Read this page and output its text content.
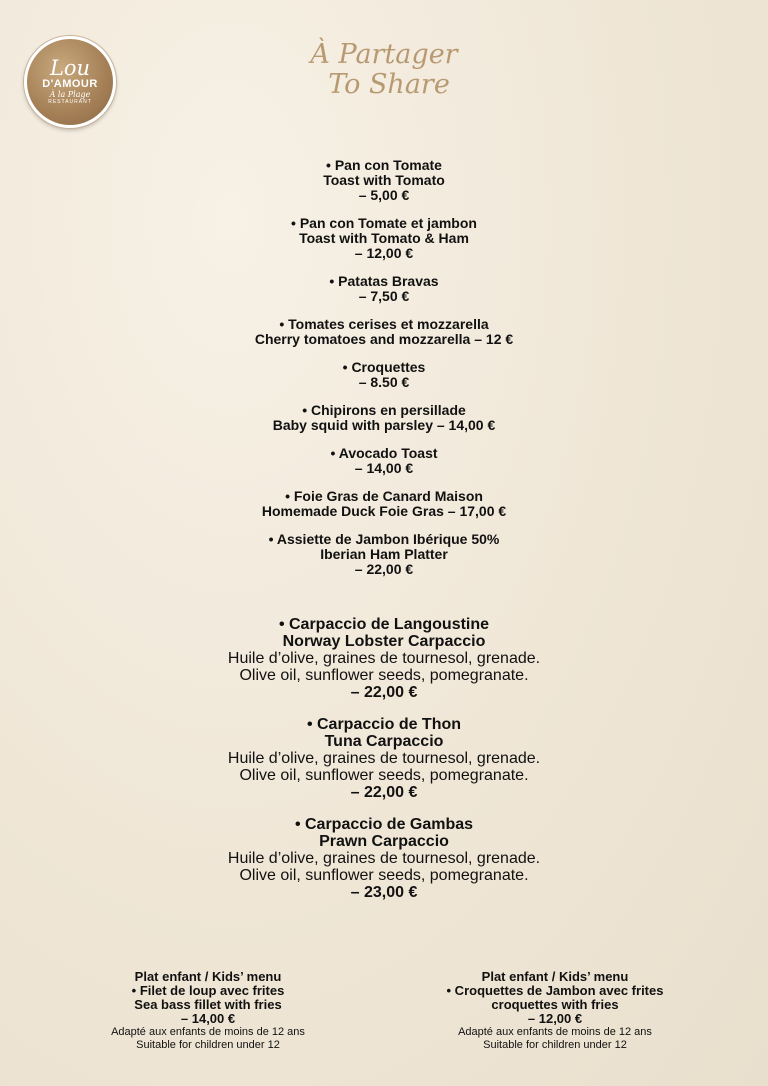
Lou
D'AMOUR
À la Plage
RESTAURANT
À Partager
To Share
• Pan con Tomate
Toast with Tomato
– 5,00 €
• Pan con Tomate et jambon
Toast with Tomato & Ham
– 12,00 €
• Patatas Bravas
– 7,50 €
• Tomates cerises et mozzarella
Cherry tomatoes and mozzarella – 12 €
• Croquettes
– 8.50 €
• Chipirons en persillade
Baby squid with parsley – 14,00 €
• Avocado Toast
– 14,00 €
• Foie Gras de Canard Maison
Homemade Duck Foie Gras – 17,00 €
• Assiette de Jambon Ibérique 50%
Iberian Ham Platter
– 22,00 €
• Carpaccio de Langoustine
Norway Lobster Carpaccio
Huile d’olive, graines de tournesol, grenade.
Olive oil, sunflower seeds, pomegranate.
– 22,00 €
• Carpaccio de Thon
Tuna Carpaccio
Huile d’olive, graines de tournesol, grenade.
Olive oil, sunflower seeds, pomegranate.
– 22,00 €
• Carpaccio de Gambas
Prawn Carpaccio
Huile d’olive, graines de tournesol, grenade.
Olive oil, sunflower seeds, pomegranate.
– 23,00 €
Plat enfant / Kids’ menu
• Filet de loup avec frites
Sea bass fillet with fries
– 14,00 €
Adapté aux enfants de moins de 12 ans
Suitable for children under 12
Plat enfant / Kids’ menu
• Croquettes de Jambon avec frites
croquettes with fries
– 12,00 €
Adapté aux enfants de moins de 12 ans
Suitable for children under 12
